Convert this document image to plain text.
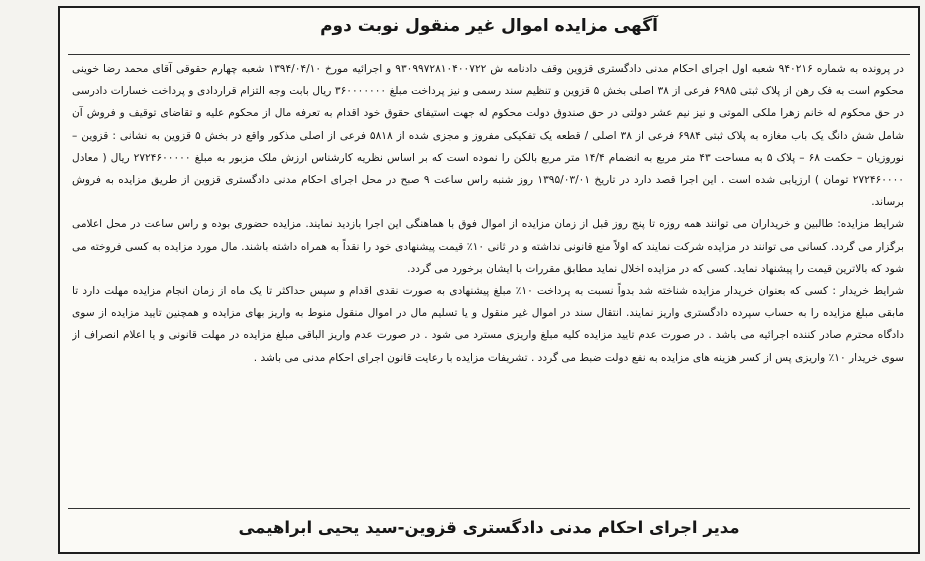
آگهی مزایده اموال غیر منقول نوبت دوم

در پرونده به شماره ۹۴۰۲۱۶ شعبه اول اجرای احکام مدنی دادگستری قزوین وقف دادنامه ش ۹۳۰۹۹۷۲۸۱۰۴۰۰۷۲۲ و اجرائیه مورخ ۱۳۹۴/۰۴/۱۰ شعبه چهارم حقوقی آقای محمد رضا خوینی محکوم است به فک رهن از پلاک ثبتی ۶۹۸۵ فرعی از ۳۸ اصلی بخش ۵ قزوین و تنظیم سند رسمی و نیز پرداخت مبلغ ۳۶۰۰۰۰۰۰۰ ریال بابت وجه التزام قراردادی و پرداخت خسارات دادرسی در حق محکوم له خانم زهرا ملکی الموتی و نیز نیم عشر دولتی در حق صندوق دولت محکوم له جهت استیفای حقوق خود اقدام به تعرفه مال از محکوم علیه و تقاضای توقیف و فروش آن شامل شش دانگ یک باب مغازه به پلاک ثبتی ۶۹۸۴ فرعی از ۳۸ اصلی / قطعه یک تفکیکی مفروز و مجزی شده از ۵۸۱۸ فرعی از اصلی مذکور واقع در بخش ۵ قزوین به نشانی : قزوین – نوروزیان – حکمت ۶۸ – پلاک ۵ به مساحت ۴۳ متر مربع به انضمام ۱۴/۴ متر مربع بالکن را نموده است که بر اساس نظریه کارشناس ارزش ملک مزبور به مبلغ ۲۷۲۴۶۰۰۰۰۰ ریال ( معادل ۲۷۲۴۶۰۰۰۰ تومان ) ارزیابی شده است . این اجرا قصد دارد در تاریخ ۱۳۹۵/۰۳/۰۱ روز شنبه راس ساعت ۹ صبح در محل اجرای احکام مدنی دادگستری قزوین از طریق مزایده به فروش برساند.

شرایط مزایده: طالبین و خریداران می توانند همه روزه تا پنج روز قبل از زمان مزایده از اموال فوق با هماهنگی این اجرا بازدید نمایند. مزایده حضوری بوده و راس ساعت در محل اعلامی برگزار می گردد. کسانی می توانند در مزایده شرکت نمایند که اولاً منع قانونی نداشته و در ثانی ۱۰٪ قیمت پیشنهادی خود را نقداً به همراه داشته باشند. مال مورد مزایده به کسی فروخته می شود که بالاترین قیمت را پیشنهاد نماید. کسی که در مزایده اخلال نماید مطابق مقررات با ایشان برخورد می گردد.

شرایط خریدار : کسی که بعنوان خریدار مزایده شناخته شد بدواً نسبت به پرداخت ۱۰٪ مبلغ پیشنهادی به صورت نقدی اقدام و سپس حداکثر تا یک ماه از زمان انجام مزایده مهلت دارد تا مابقی مبلغ مزایده را به حساب سپرده دادگستری واریز نمایند. انتقال سند در اموال غیر منقول و یا تسلیم مال در اموال منقول منوط به واریز بهای مزایده و همچنین تایید مزایده از سوی دادگاه محترم صادر کننده اجرائیه می باشد . در صورت عدم تایید مزایده کلیه مبلغ واریزی مسترد می شود . در صورت عدم واریز الباقی مبلغ مزایده در مهلت قانونی و یا اعلام انصراف از سوی خریدار ۱۰٪ واریزی پس از کسر هزینه های مزایده به نفع دولت ضبط می گردد . تشریفات مزایده با رعایت قانون اجرای احکام مدنی می باشد .

مدیر اجرای احکام مدنی دادگستری قزوین-سید یحیی ابراهیمی
